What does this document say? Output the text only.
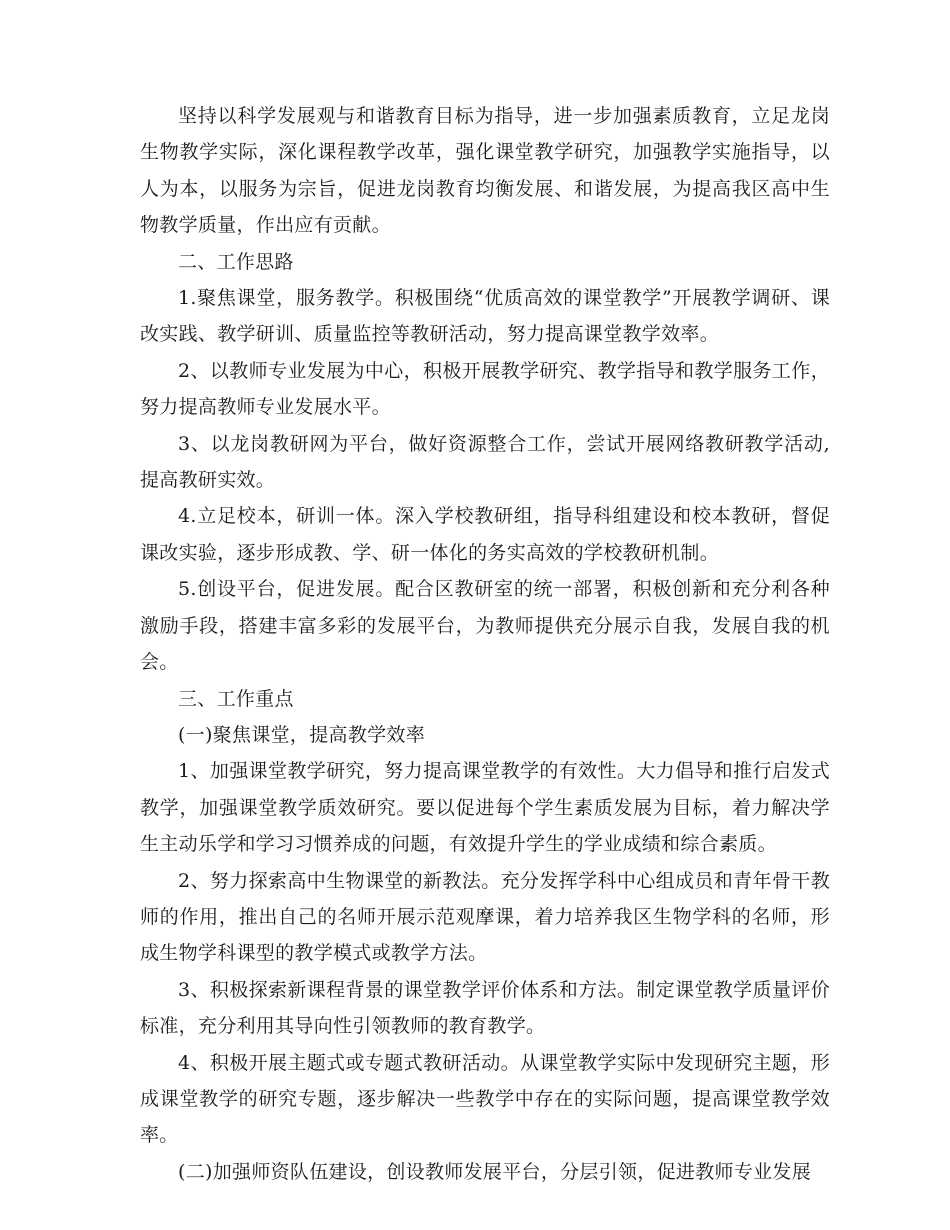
坚持以科学发展观与和谐教育目标为指导，进一步加强素质教育，立足龙岗生物教学实际，深化课程教学改革，强化课堂教学研究，加强教学实施指导，以人为本，以服务为宗旨，促进龙岗教育均衡发展、和谐发展，为提高我区高中生物教学质量，作出应有贡献。

二、工作思路

1.聚焦课堂，服务教学。积极围绕“优质高效的课堂教学”开展教学调研、课改实践、教学研训、质量监控等教研活动，努力提高课堂教学效率。

2、以教师专业发展为中心，积极开展教学研究、教学指导和教学服务工作，努力提高教师专业发展水平。

3、以龙岗教研网为平台，做好资源整合工作，尝试开展网络教研教学活动,提高教研实效。

4.立足校本，研训一体。深入学校教研组，指导科组建设和校本教研，督促课改实验，逐步形成教、学、研一体化的务实高效的学校教研机制。

5.创设平台，促进发展。配合区教研室的统一部署，积极创新和充分利各种激励手段，搭建丰富多彩的发展平台，为教师提供充分展示自我，发展自我的机会。

三、工作重点

(一)聚焦课堂，提高教学效率

1、加强课堂教学研究，努力提高课堂教学的有效性。大力倡导和推行启发式教学，加强课堂教学质效研究。要以促进每个学生素质发展为目标，着力解决学生主动乐学和学习习惯养成的问题，有效提升学生的学业成绩和综合素质。

2、努力探索高中生物课堂的新教法。充分发挥学科中心组成员和青年骨干教师的作用，推出自己的名师开展示范观摩课，着力培养我区生物学科的名师，形成生物学科课型的教学模式或教学方法。

3、积极探索新课程背景的课堂教学评价体系和方法。制定课堂教学质量评价标准，充分利用其导向性引领教师的教育教学。

4、积极开展主题式或专题式教研活动。从课堂教学实际中发现研究主题，形成课堂教学的研究专题，逐步解决一些教学中存在的实际问题，提高课堂教学效率。

(二)加强师资队伍建设，创设教师发展平台，分层引领，促进教师专业发展
